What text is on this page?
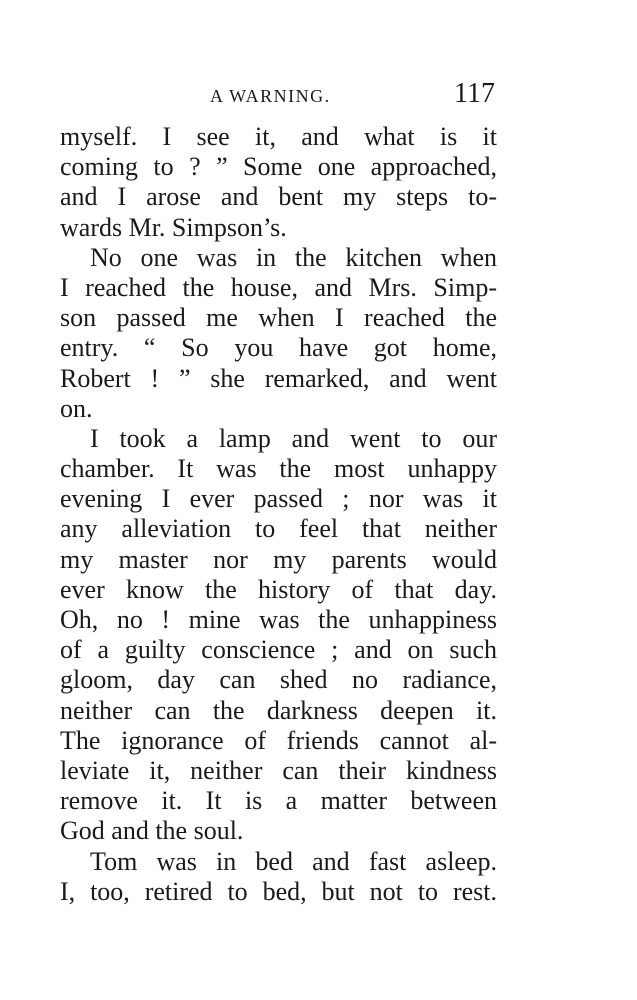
A WARNING.	117
myself. I see it, and what is it
coming to ? ” Some one approached,
and I arose and bent my steps to-
wards Mr. Simpson’s.
No one was in the kitchen when
I reached the house, and Mrs. Simp-
son passed me when I reached the
entry. “ So you have got home,
Robert ! ” she remarked, and went
on.
I took a lamp and went to our
chamber. It was the most unhappy
evening I ever passed ; nor was it
any alleviation to feel that neither
my master nor my parents would
ever know the history of that day.
Oh, no ! mine was the unhappiness
of a guilty conscience ; and on such
gloom, day can shed no radiance,
neither can the darkness deepen it.
The ignorance of friends cannot al-
leviate it, neither can their kindness
remove it. It is a matter between
God and the soul.
Tom was in bed and fast asleep.
I, too, retired to bed, but not to rest.
